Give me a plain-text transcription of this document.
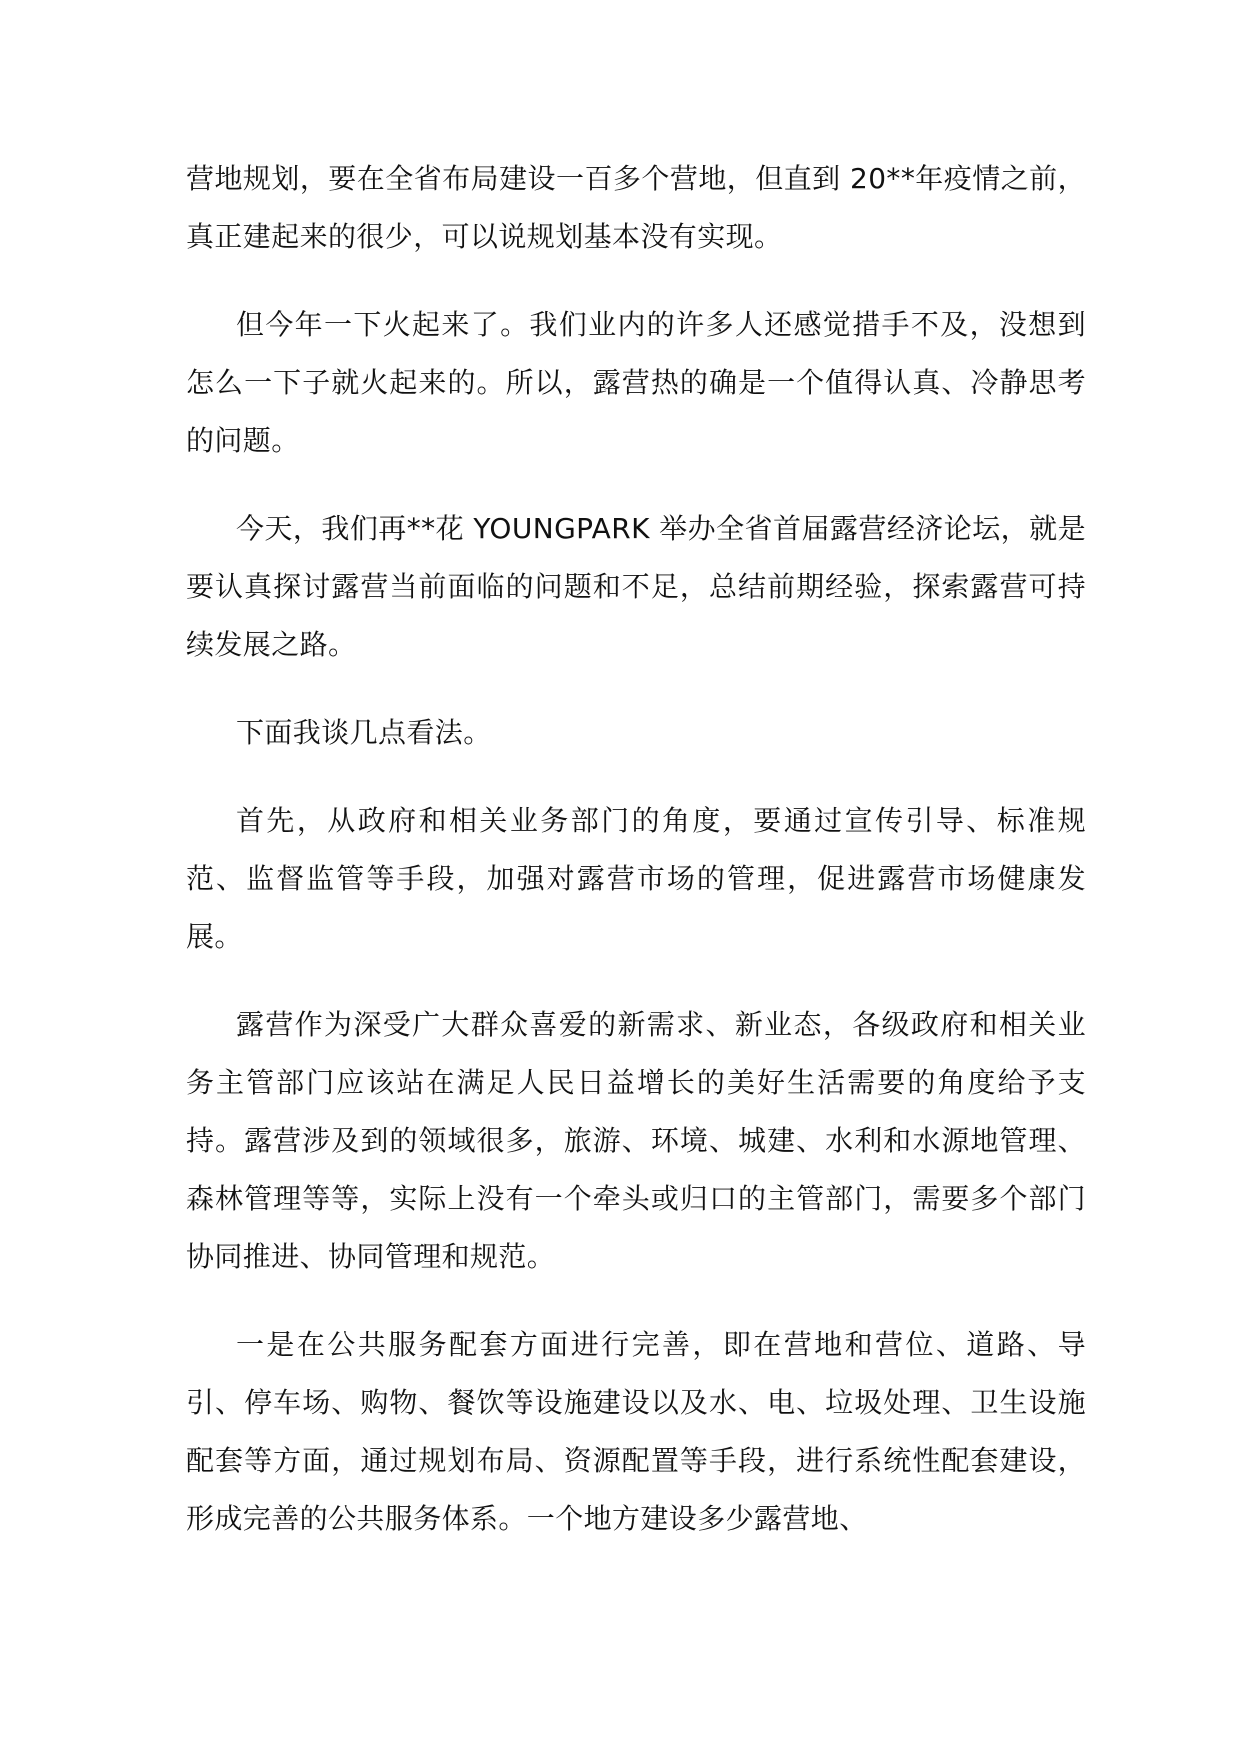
营地规划，要在全省布局建设一百多个营地，但直到 20**年疫情之前，真正建起来的很少，可以说规划基本没有实现。

但今年一下火起来了。我们业内的许多人还感觉措手不及，没想到怎么一下子就火起来的。所以，露营热的确是一个值得认真、冷静思考的问题。

今天，我们再**花 YOUNGPARK 举办全省首届露营经济论坛，就是要认真探讨露营当前面临的问题和不足，总结前期经验，探索露营可持续发展之路。

下面我谈几点看法。

首先，从政府和相关业务部门的角度，要通过宣传引导、标准规范、监督监管等手段，加强对露营市场的管理，促进露营市场健康发展。

露营作为深受广大群众喜爱的新需求、新业态，各级政府和相关业务主管部门应该站在满足人民日益增长的美好生活需要的角度给予支持。露营涉及到的领域很多，旅游、环境、城建、水利和水源地管理、森林管理等等，实际上没有一个牵头或归口的主管部门，需要多个部门协同推进、协同管理和规范。

一是在公共服务配套方面进行完善，即在营地和营位、道路、导引、停车场、购物、餐饮等设施建设以及水、电、垃圾处理、卫生设施配套等方面，通过规划布局、资源配置等手段，进行系统性配套建设，形成完善的公共服务体系。一个地方建设多少露营地、
